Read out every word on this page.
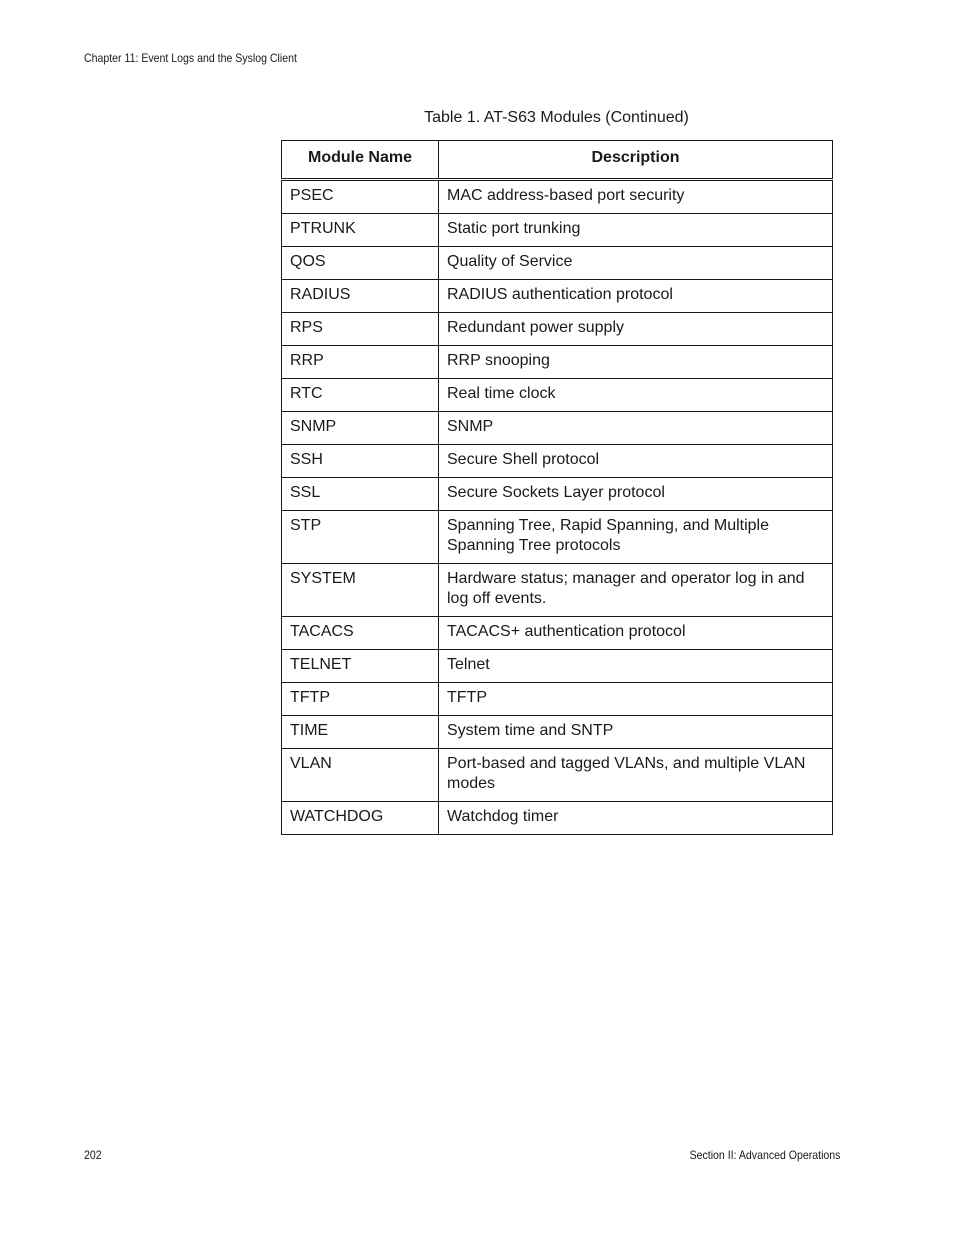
Chapter 11: Event Logs and the Syslog Client
Table 1. AT-S63 Modules (Continued)
Module Name	Description
PSEC	MAC address-based port security
PTRUNK	Static port trunking
QOS	Quality of Service
RADIUS	RADIUS authentication protocol
RPS	Redundant power supply
RRP	RRP snooping
RTC	Real time clock
SNMP	SNMP
SSH	Secure Shell protocol
SSL	Secure Sockets Layer protocol
STP	Spanning Tree, Rapid Spanning, and Multiple Spanning Tree protocols
SYSTEM	Hardware status; manager and operator log in and log off events.
TACACS	TACACS+ authentication protocol
TELNET	Telnet
TFTP	TFTP
TIME	System time and SNTP
VLAN	Port-based and tagged VLANs, and multiple VLAN modes
WATCHDOG	Watchdog timer
202	Section II: Advanced Operations
